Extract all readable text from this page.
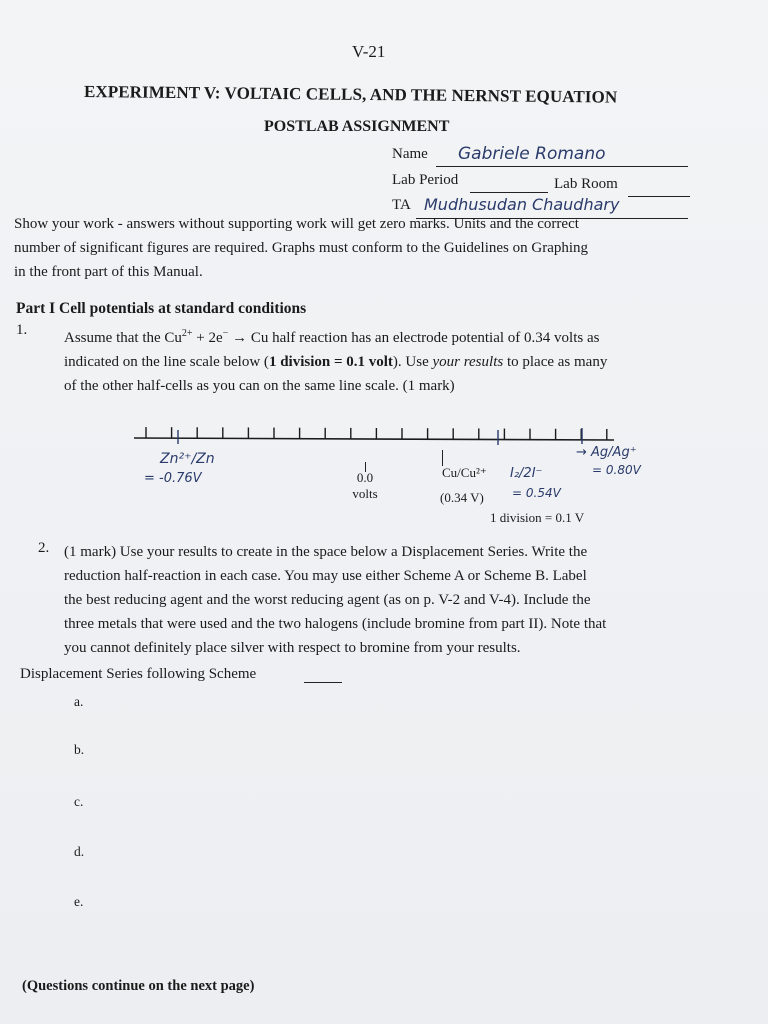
V-21
EXPERIMENT V: VOLTAIC CELLS, AND THE NERNST EQUATION
POSTLAB ASSIGNMENT
Name Gabriele Romano
Lab Period	Lab Room
TA Mudhusudan Chaudhary

Show your work - answers without supporting work will get zero marks. Units and the correct

number of significant figures are required. Graphs must conform to the Guidelines on Graphing

in the front part of this Manual.

Part I Cell potentials at standard conditions
1. Assume that the $Cu^{2+} + 2e^- \to Cu$ half reaction has an electrode potential of 0.34 volts as

indicated on the line scale below (1 division = 0.1 volt). Use your results to place as many

of the other half-cells as you can on the same line scale. (1 mark)

0.0
volts
Cu/Cu²⁺
(0.34 V)
1 division = 0.1 V
Zn²⁺/Zn
= -0.76V	I₂/2I⁻
= 0.54V
→ Ag/Ag⁺
= 0.80V
2. (1 mark) Use your results to create in the space below a Displacement Series. Write the

reduction half-reaction in each case. You may use either Scheme A or Scheme B. Label

the best reducing agent and the worst reducing agent (as on p. V-2 and V-4). Include the

three metals that were used and the two halogens (include bromine from part II). Note that

you cannot definitely place silver with respect to bromine from your results.

Displacement Series following Scheme
a.
b.
c.
d.
e.
(Questions continue on the next page)
